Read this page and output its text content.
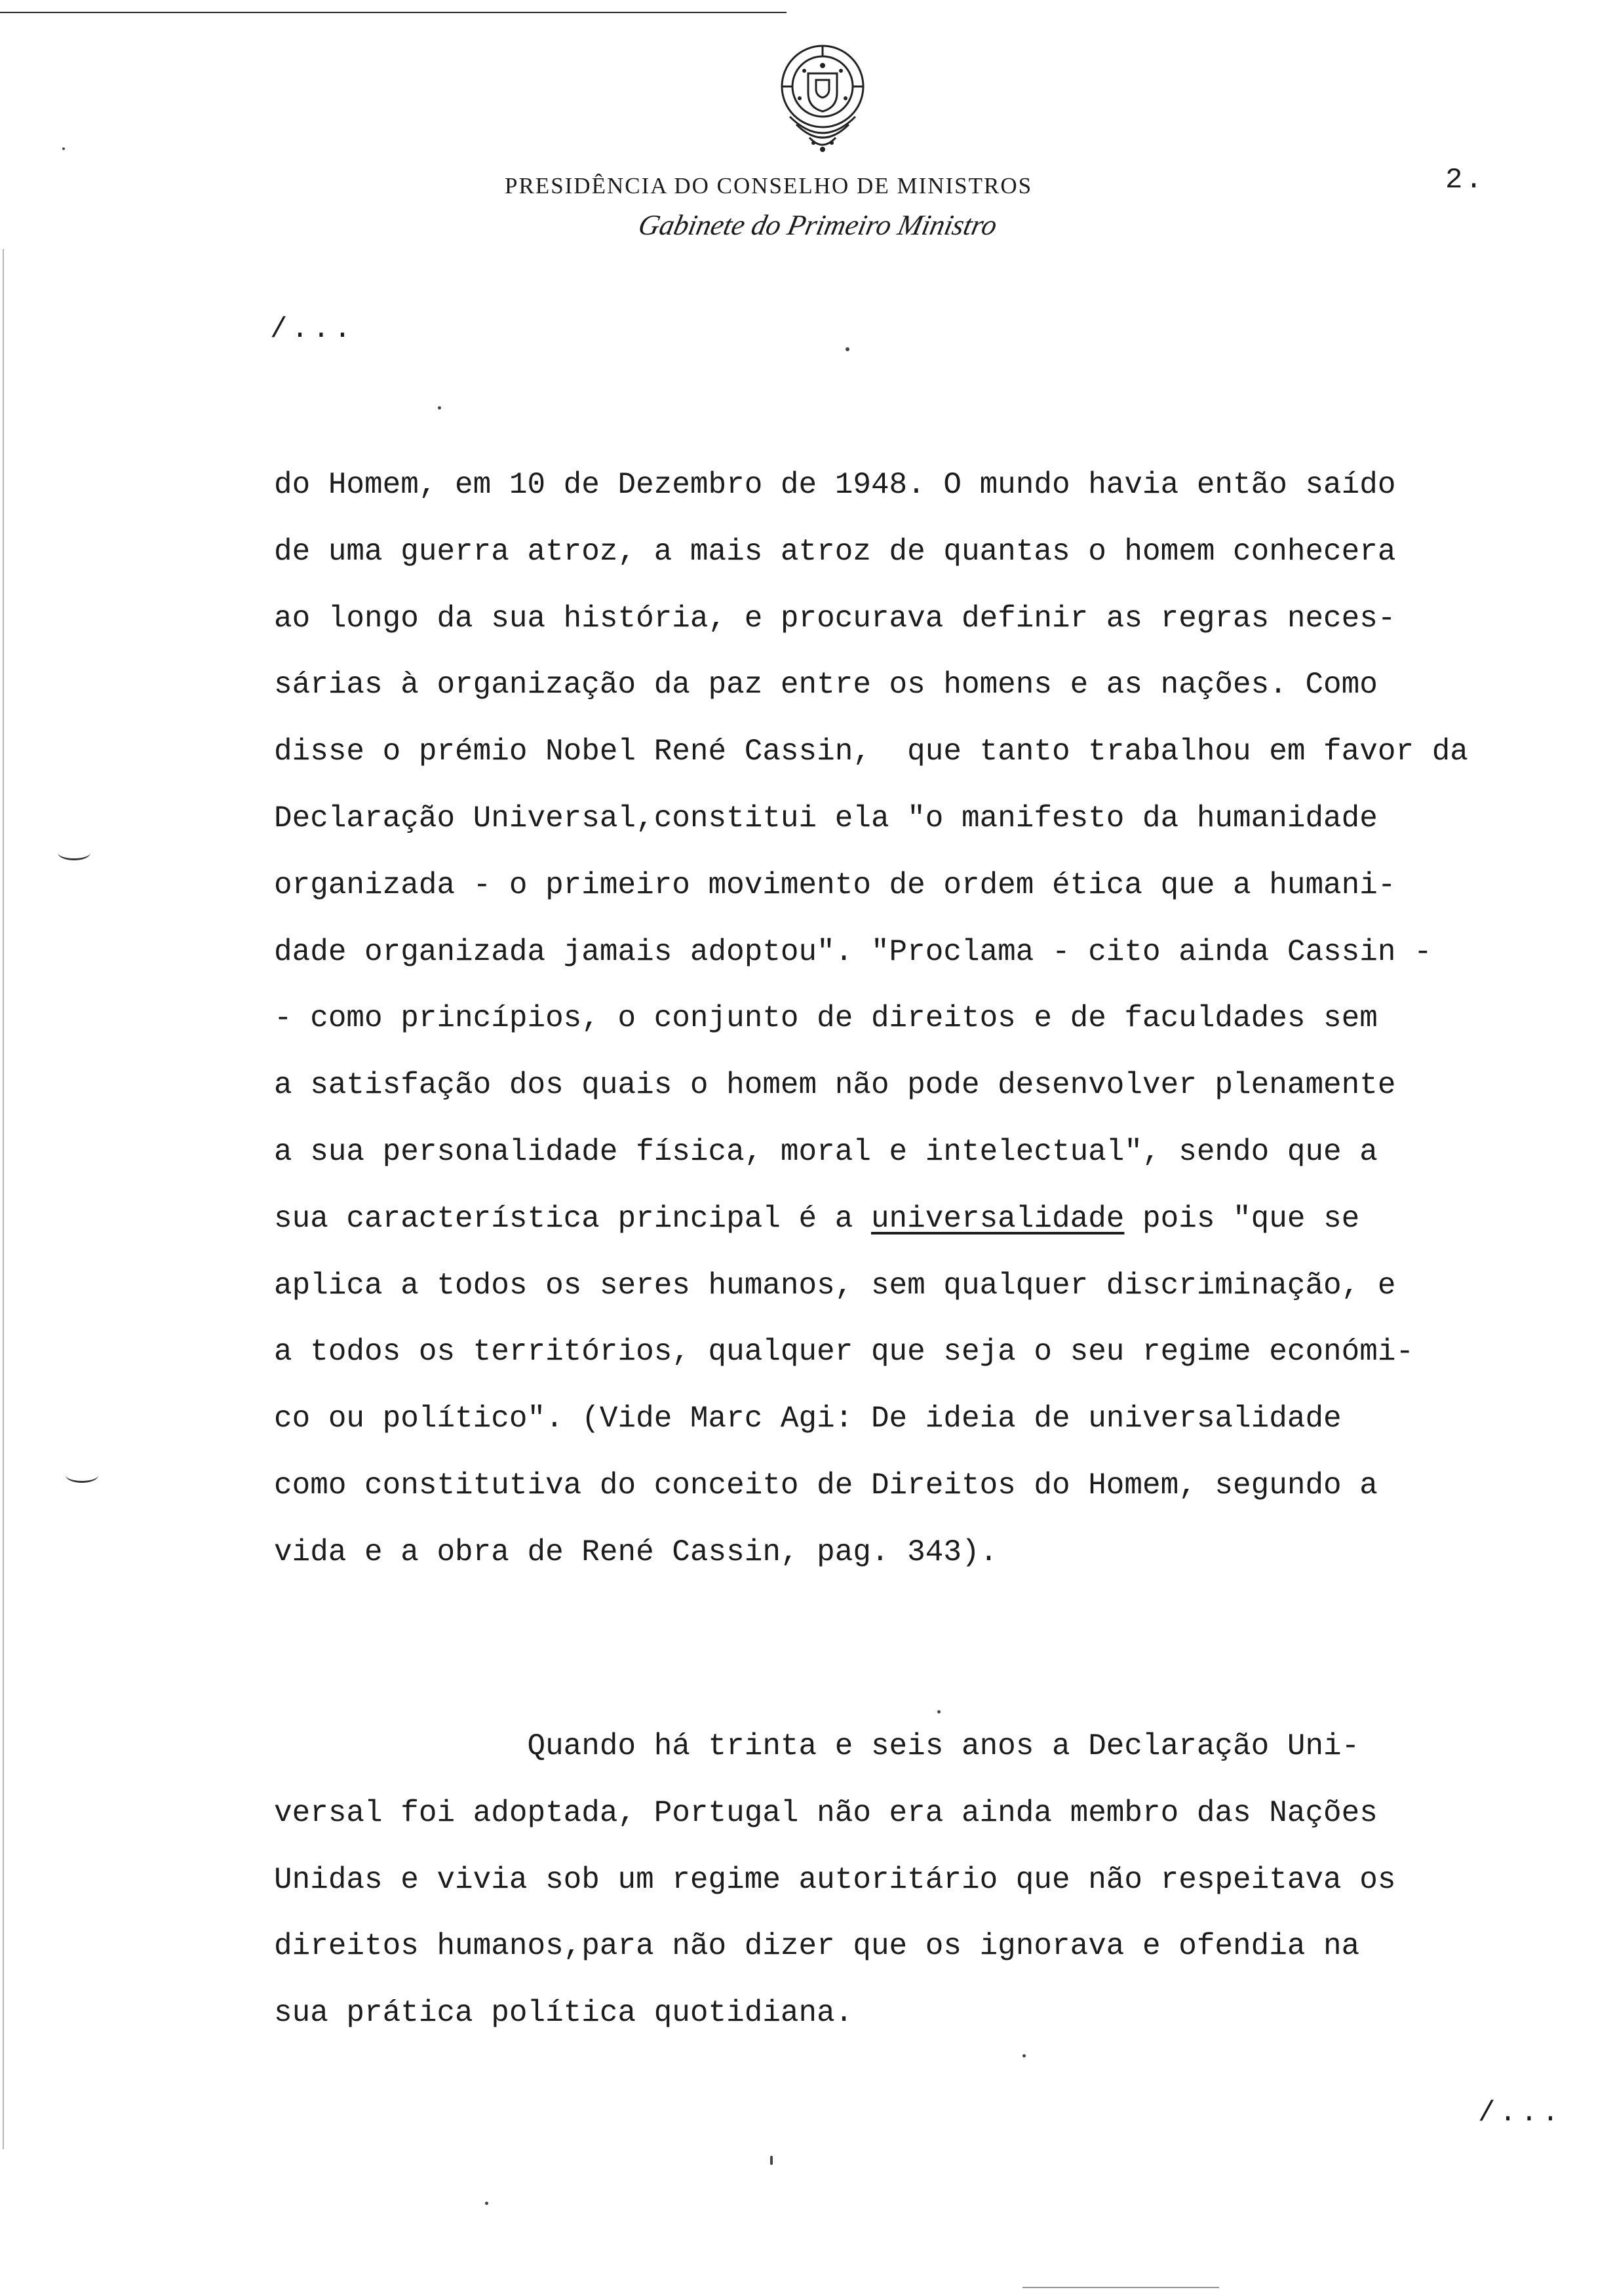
PRESIDÊNCIA DO CONSELHO DE MINISTROS
Gabinete do Primeiro Ministro
2.
/...
do Homem, em 10 de Dezembro de 1948. O mundo havia então saído
de uma guerra atroz, a mais atroz de quantas o homem conhecera
ao longo da sua história, e procurava definir as regras neces-
sárias à organização da paz entre os homens e as nações. Como
disse o prémio Nobel René Cassin,  que tanto trabalhou em favor da
Declaração Universal,constitui ela "o manifesto da humanidade
organizada - o primeiro movimento de ordem ética que a humani-
dade organizada jamais adoptou". "Proclama - cito ainda Cassin -
- como princípios, o conjunto de direitos e de faculdades sem
a satisfação dos quais o homem não pode desenvolver plenamente
a sua personalidade física, moral e intelectual", sendo que a
sua característica principal é a universalidade pois "que se
aplica a todos os seres humanos, sem qualquer discriminação, e
a todos os territórios, qualquer que seja o seu regime económi-
co ou político". (Vide Marc Agi: De ideia de universalidade
como constitutiva do conceito de Direitos do Homem, segundo a
vida e a obra de René Cassin, pag. 343).
Quando há trinta e seis anos a Declaração Uni-
versal foi adoptada, Portugal não era ainda membro das Nações
Unidas e vivia sob um regime autoritário que não respeitava os
direitos humanos,para não dizer que os ignorava e ofendia na
sua prática política quotidiana.
/...
